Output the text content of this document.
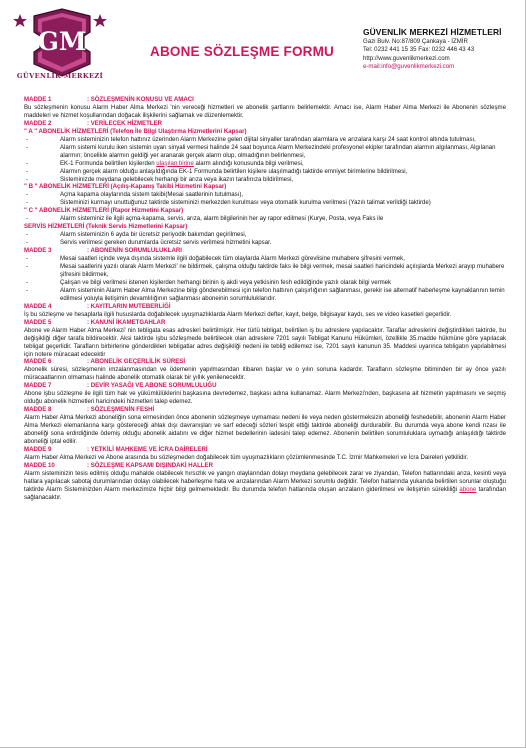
GM
GÜVENLİK MERKEZİ
ABONE SÖZLEŞME FORMU
GÜVENLİK MERKEZİ HİZMETLERİ
Gazi Bulv. No:87/809 Çankaya - İZMİR
Tel: 0232 441 15 35 Fax: 0232 446 43 43
http://www.guvenlikmerkezi.com
e-mail:info@guvenlikmerkezi.com
MADDE 1	: SÖZLEŞMENİN KONUSU VE AMACI
Bu sözleşmenin konusu Alarm Haber Alma Merkezi 'nin vereceği hizmetleri ve abonelik şartlarını belirlemektir. Amacı ise, Alarm Haber Alma Merkezi ile Abonenin sözleşme maddeleri ve hizmet koşullarından doğacak ilişkilerini sağlamak ve düzenlemektir.
MADDE 2	: VERİLECEK HİZMETLER
" A " ABONELİK HİZMETLERİ (Telefon İle Bilgi Ulaştırma Hizmetlerini Kapsar)
-	Alarm sisteminizin telefon hattınız üzerinden Alarm Merkezine gelen dijital sinyaller tarafından alarmlara ve arızalara karşı 24 saat kontrol altında tutulması,
-	Alarm sistemi kurulu iken sistemin uyarı sinyali vermesi halinde 24 saat boyunca Alarm Merkezindeki profesyonel ekipler tarafından alarmın algılanması, Algılanan alarmın; öncelikle alarmın geldiği yer aranarak gerçek alarm olup, olmadığının belirlenmesi,
-	EK-1 Formunda belirtilen kişilerden ulaşılan birine alarm alındığı konusunda bilgi verilmesi,
-	Alarmın gerçek alarm olduğu anlaşıldığında EK-1 Formunda belirtilen kişilere ulaşılmadığı taktirde emniyet birimlerine bildirilmesi,
-	Sisteminizde meydana gelebilecek herhangi bir arıza veya ikazın tarafınıza bildirilmesi,
" B " ABONELİK HİZMETLERİ (Açılış-Kapanış Takibi Hizmetini Kapsar)
-	Açma kapama olaylarında sistem takibi(Mesai saatlerinin tutulması),
-	Sisteminizi kurmayı unuttuğunuz taktirde sisteminizi merkezden kurulması veya otomatik kurulma verilmesi (Yazılı talimat verildiği taktirde)
" C " ABONELİK HİZMETLERİ (Rapor Hizmetini Kapsar)
-	Alarm sisteminiz ile ilgili açma-kapama, servis, arıza, alarm bilgilerinin her ay rapor edilmesi (Kurye, Posta, veya Faks ile
SERVİS HİZMETLERİ (Teknik Servis Hizmetlerini Kapsar)
-	Alarm sisteminizin 6 ayda bir ücretsiz periyodik bakımdan geçirilmesi,
-	Servis verilmesi gereken durumlarda ücretsiz servis verilmesi hizmetini kapsar.
MADDE 3	: ABONENİN SORUMLULUKLARI
-	Mesai saatleri içinde veya dışında sistemle ilgili doğabilecek tüm olaylarda Alarm Merkezi görevlisine muhabere şifresini vermek,
-	Mesai saatlerini yazılı olarak Alarm Merkezi' ne bildirmek, çalışma olduğu taktirde faks ile bilgi vermek, mesai saatleri haricindeki açılışlarda Merkezi arayıp muhabere şifresini bildirmek,
-	Çalışan ve bilgi verilmesi istenen kişilerden herhangi birinin iş akdi veya yetkisinin fesh edildiğinde yazılı olarak bilgi vermek
-	Alarm sisteminin Alarm Haber Alma Merkezine bilgi gönderebilmesi için telefon hattının çalışırlığının sağlanması, gerekir ise alternatif haberleşme kaynaklarının temin edilmesi yoluyla iletişimin devamlılığının sağlanması aboneinin sorumluluklarıdır.
MADDE 4	: KAYITLARIN MUTEBERLİĞİ
İş bu sözleşme ve hesaplarla ilgili hususlarda doğabilecek uyuşmazlıklarda Alarm Merkezi defter, kayıt, belge, bilgisayar kaydı, ses ve video kasetleri geçerlidir.
MADDE 5	: KANUNİ İKAMETGAHLAR
Abone ve Alarm Haber Alma Merkezi' nin tebligata esas adresleri belirtilmiştir. Her türlü tebligat, belirtilen iş bu adreslere yapılacaktır. Taraflar adreslerini değiştirdikleri taktirde, bu değişikliği diğer tarafa bildirecektir. Aksi taktirde işbu sözleşmede belirtilecek olan adreslere 7201 sayılı Tebligat Kanunu Hükümleri, özellikle 35.madde hükmüne göre yapılacak tebligat geçerlidir. Tarafların birbirlerine gönderdikleri tebligatlar adres değişikliği nedeni ile tebliğ edilemez ise, 7201 sayılı kanunun 35. Maddesi uyarınca tebligatın yapılabilmesi için notere müracaat edecektir
MADDE 6	: ABONELİK GEÇERLİLİK SÜRESİ
Abonelik süresi, sözleşmenin imzalanmasından ve ödemenin yapılmasından itibaren başlar ve o yılın sonuna kadardır. Tarafların sözleşme bitiminden bir ay önce yazılı müracaatlarının olmaması halinde abonelik otomatik olarak bir yıllık yenilenecektir.
MADDE 7	: DEVİR YASAĞI VE ABONE SORUMLULUĞU
Abone işbu sözleşme ile ilgili tüm hak ve yükümlülüklerini başkasına devredemez, başkası adına kullanamaz. Alarm Merkezi'nden, başkasına ait hizmetin yapılmasını ve seçmiş olduğu abonelik hizmetleri haricindeki hizmetleri talep edemez.
MADDE 8	: SÖZLEŞMENİN FESHİ
Alarm Haber Alma Merkezi aboneliğin sona ermesinden önce abonenin sözleşmeye uymaması nedeni ile veya neden göstermeksizin aboneliği feshedebilir, abonenin Alarm Haber Alma Merkezi elemanlarına karşı göstereceği ahlak dışı davranışları ve sarf edeceği sözleri tespit ettiği taktirde aboneliği durdurabilir. Bu durumda veya abone kendi rızası ile aboneliği sona erdirdiğinde ödemiş olduğu abonelik aidatını ve diğer hizmet bedellerinin iadesini talep edemez. Abonenin belirtilen sorumluluklara uymadığı anlaşıldığı taktirde aboneliği iptal edilir.
MADDE 9	: YETKİLİ MAHKEME VE İCRA DAİRELERİ
Alarm Haber Alma Merkezi ve Abone arasında bu sözleşmeden doğabilecek tüm uyuşmazlıkların çözümlenmesinde T.C. İzmir Mahkemeleri ve İcra Daireleri yetkilidir.
MADDE 10	: SÖZLEŞME KAPSAMI DIŞINDAKİ HALLER
Alarm sisteminizin tesis edilmiş olduğu mahalde olabilecek hırsızlık ve yangın olaylarından dolayı meydana gelebilecek zarar ve ziyandan, Telefon hatlarındaki arıza, kesinti veya hatlara yapılacak sabotaj durumlarından dolayı olabilecek haberleşme hata ve arızalarından Alarm Merkezi sorumlu değildir. Telefon hatlarında yukarıda belirtilen sorunlar oluştuğu taktirde Alarm Sisteminizden Alarm merkezimize hiçbir bilgi gelmemektedir. Bu durumda telefon hatlarında oluşan arızaların giderilmesi ve iletişimin sürekliliği abone tarafından sağlanacaktır.
